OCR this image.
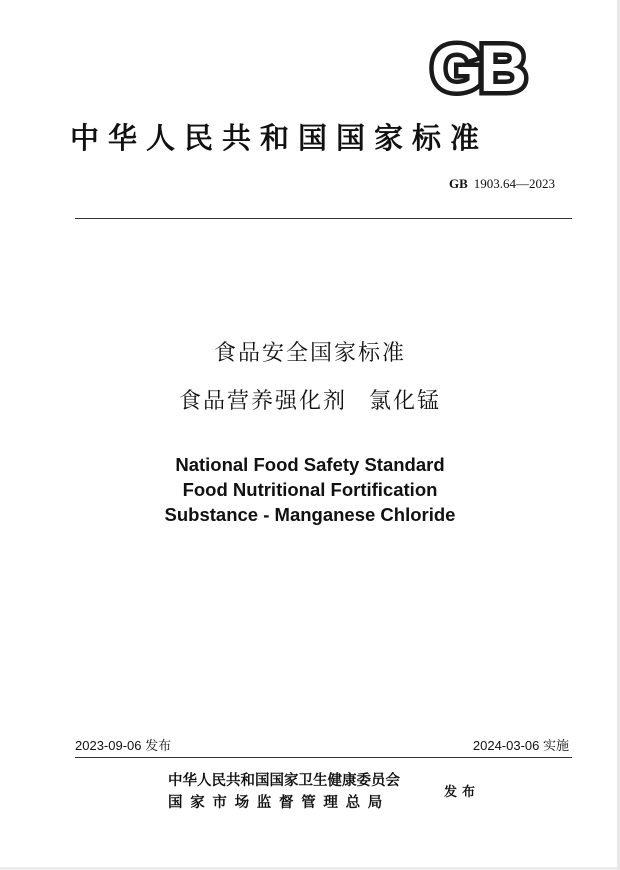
GB
中华人民共和国国家标准
GB 1903.64—2023
食品安全国家标准
食品营养强化剂 氯化锰
National Food Safety Standard
Food Nutritional Fortification
Substance - Manganese Chloride
2023-09-06 发布	2024-03-06 实施
中华人民共和国国家卫生健康委员会
国家市场监督管理总局
发布
